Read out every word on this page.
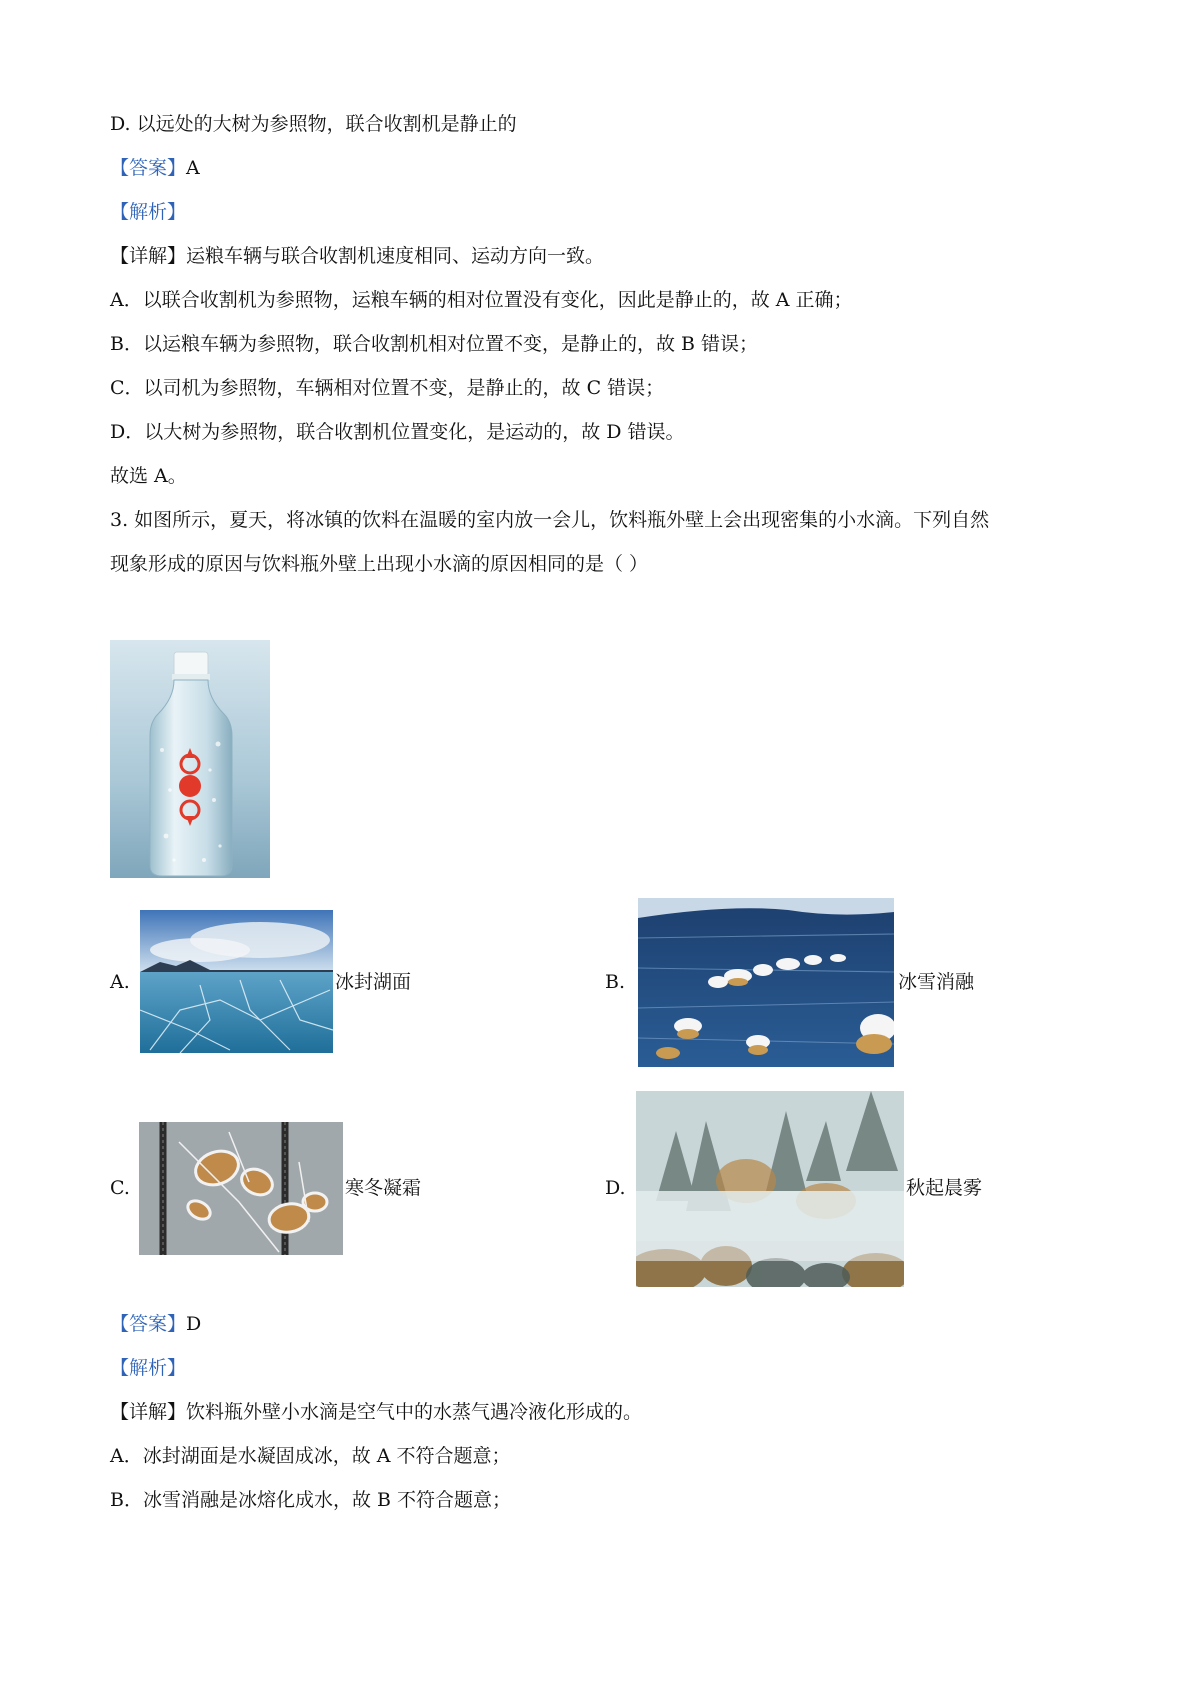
D. 以远处的大树为参照物，联合收割机是静止的
【答案】A
【解析】
【详解】运粮车辆与联合收割机速度相同、运动方向一致。
A．以联合收割机为参照物，运粮车辆的相对位置没有变化，因此是静止的，故 A 正确；
B．以运粮车辆为参照物，联合收割机相对位置不变，是静止的，故 B 错误；
C．以司机为参照物，车辆相对位置不变，是静止的，故 C 错误；
D．以大树为参照物，联合收割机位置变化，是运动的，故 D 错误。
故选 A。
3. 如图所示，夏天，将冰镇的饮料在温暖的室内放一会儿，饮料瓶外壁上会出现密集的小水滴。下列自然
现象形成的原因与饮料瓶外壁上出现小水滴的原因相同的是（ ）
A.	冰封湖面	B.	冰雪消融
C.	寒冬凝霜	D.	秋起晨雾
【答案】D
【解析】
【详解】饮料瓶外壁小水滴是空气中的水蒸气遇冷液化形成的。
A．冰封湖面是水凝固成冰，故 A 不符合题意；
B．冰雪消融是冰熔化成水，故 B 不符合题意；
